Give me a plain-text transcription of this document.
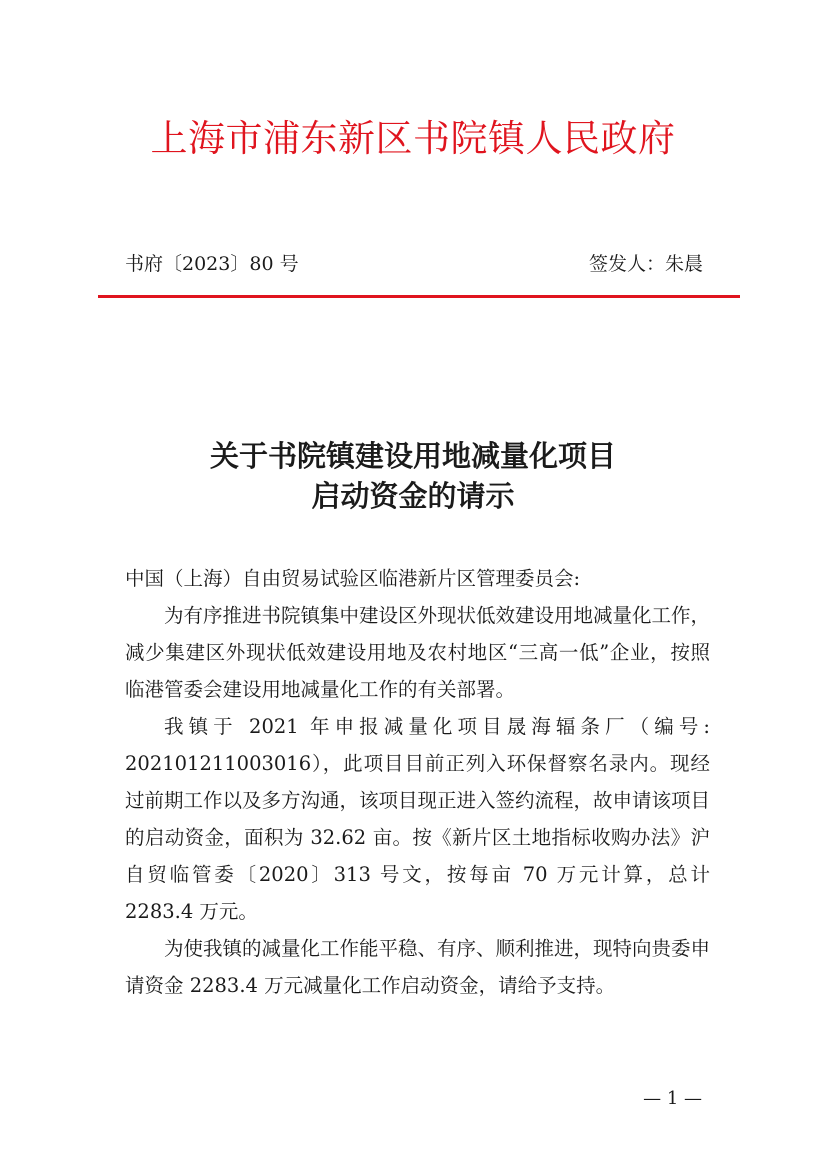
上海市浦东新区书院镇人民政府
书府〔2023〕80 号	签发人：朱晨
关于书院镇建设用地减量化项目
启动资金的请示

中国（上海）自由贸易试验区临港新片区管理委员会:

为有序推进书院镇集中建设区外现状低效建设用地减量化工作，减少集建区外现状低效建设用地及农村地区“三高一低”企业，按照临港管委会建设用地减量化工作的有关部署。

我镇于 2021 年申报减量化项目晟海辐条厂（编号: 202101211003016），此项目目前正列入环保督察名录内。现经过前期工作以及多方沟通，该项目现正进入签约流程，故申请该项目的启动资金，面积为 32.62 亩。按《新片区土地指标收购办法》沪自贸临管委〔2020〕313 号文，按每亩 70 万元计算，总计 2283.4 万元。

为使我镇的减量化工作能平稳、有序、顺利推进，现特向贵委申请资金 2283.4 万元减量化工作启动资金，请给予支持。

— 1 —
